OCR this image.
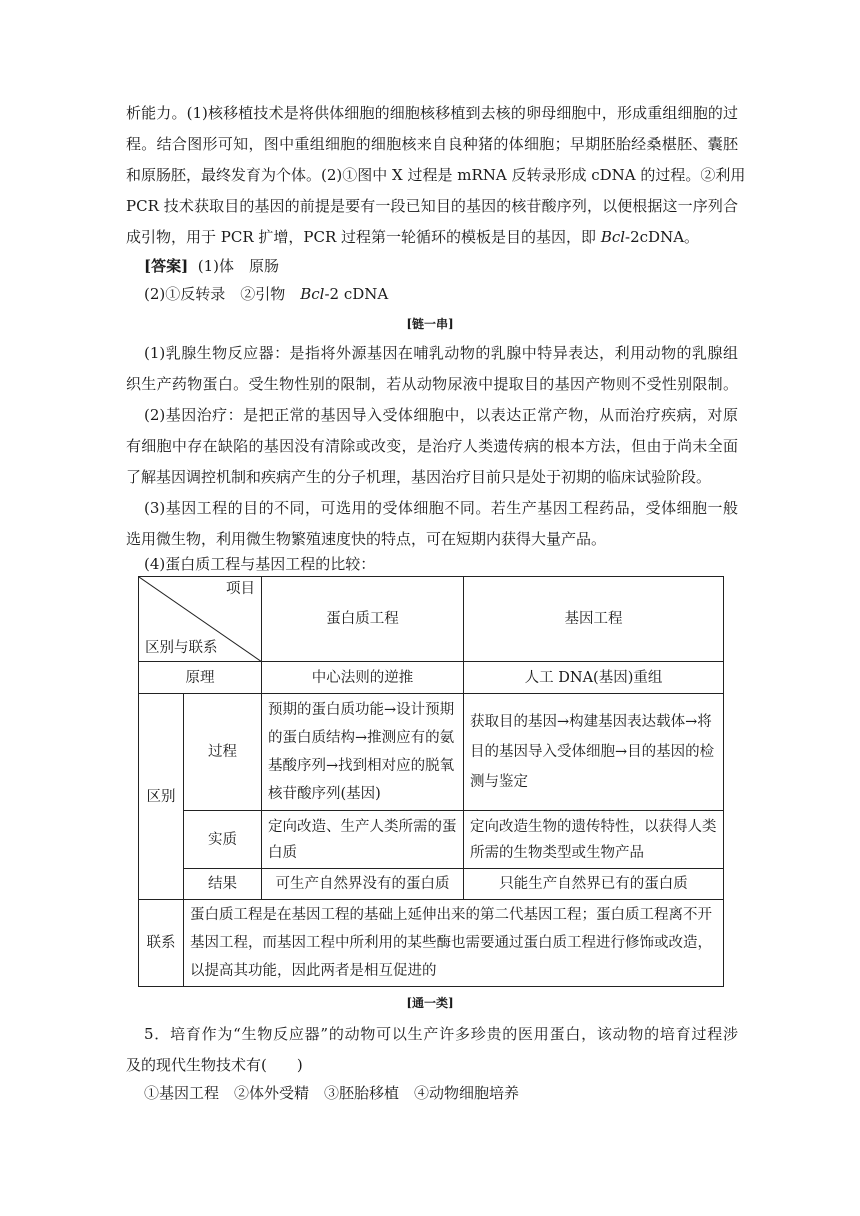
析能力。(1)核移植技术是将供体细胞的细胞核移植到去核的卵母细胞中，形成重组细胞的过
程。结合图形可知，图中重组细胞的细胞核来自良种猪的体细胞；早期胚胎经桑椹胚、囊胚
和原肠胚，最终发育为个体。(2)①图中 X 过程是 mRNA 反转录形成 cDNA 的过程。②利用
PCR 技术获取目的基因的前提是要有一段已知目的基因的核苷酸序列，以便根据这一序列合
成引物，用于 PCR 扩增，PCR 过程第一轮循环的模板是目的基因，即 Bcl-2cDNA。
[答案] (1)体　原肠
(2)①反转录　②引物　Bcl-2 cDNA
[链一串]
(1)乳腺生物反应器：是指将外源基因在哺乳动物的乳腺中特异表达，利用动物的乳腺组
织生产药物蛋白。受生物性别的限制，若从动物尿液中提取目的基因产物则不受性别限制。
(2)基因治疗：是把正常的基因导入受体细胞中，以表达正常产物，从而治疗疾病，对原
有细胞中存在缺陷的基因没有清除或改变，是治疗人类遗传病的根本方法，但由于尚未全面
了解基因调控机制和疾病产生的分子机理，基因治疗目前只是处于初期的临床试验阶段。
(3)基因工程的目的不同，可选用的受体细胞不同。若生产基因工程药品，受体细胞一般
选用微生物，利用微生物繁殖速度快的特点，可在短期内获得大量产品。
(4)蛋白质工程与基因工程的比较：
项目
区别与联系		蛋白质工程	基因工程
原理		中心法则的逆推	人工 DNA(基因)重组
区别	过程	预期的蛋白质功能→设计预期的蛋白质结构→推测应有的氨基酸序列→找到相对应的脱氧核苷酸序列(基因)	获取目的基因→构建基因表达载体→将目的基因导入受体细胞→目的基因的检测与鉴定
	实质	定向改造、生产人类所需的蛋白质	定向改造生物的遗传特性，以获得人类所需的生物类型或生物产品
	结果	可生产自然界没有的蛋白质	只能生产自然界已有的蛋白质
联系	蛋白质工程是在基因工程的基础上延伸出来的第二代基因工程；蛋白质工程离不开基因工程，而基因工程中所利用的某些酶也需要通过蛋白质工程进行修饰或改造，以提高其功能，因此两者是相互促进的		
[通一类]
5．培育作为“生物反应器”的动物可以生产许多珍贵的医用蛋白，该动物的培育过程涉
及的现代生物技术有(　　)
①基因工程　②体外受精　③胚胎移植　④动物细胞培养
